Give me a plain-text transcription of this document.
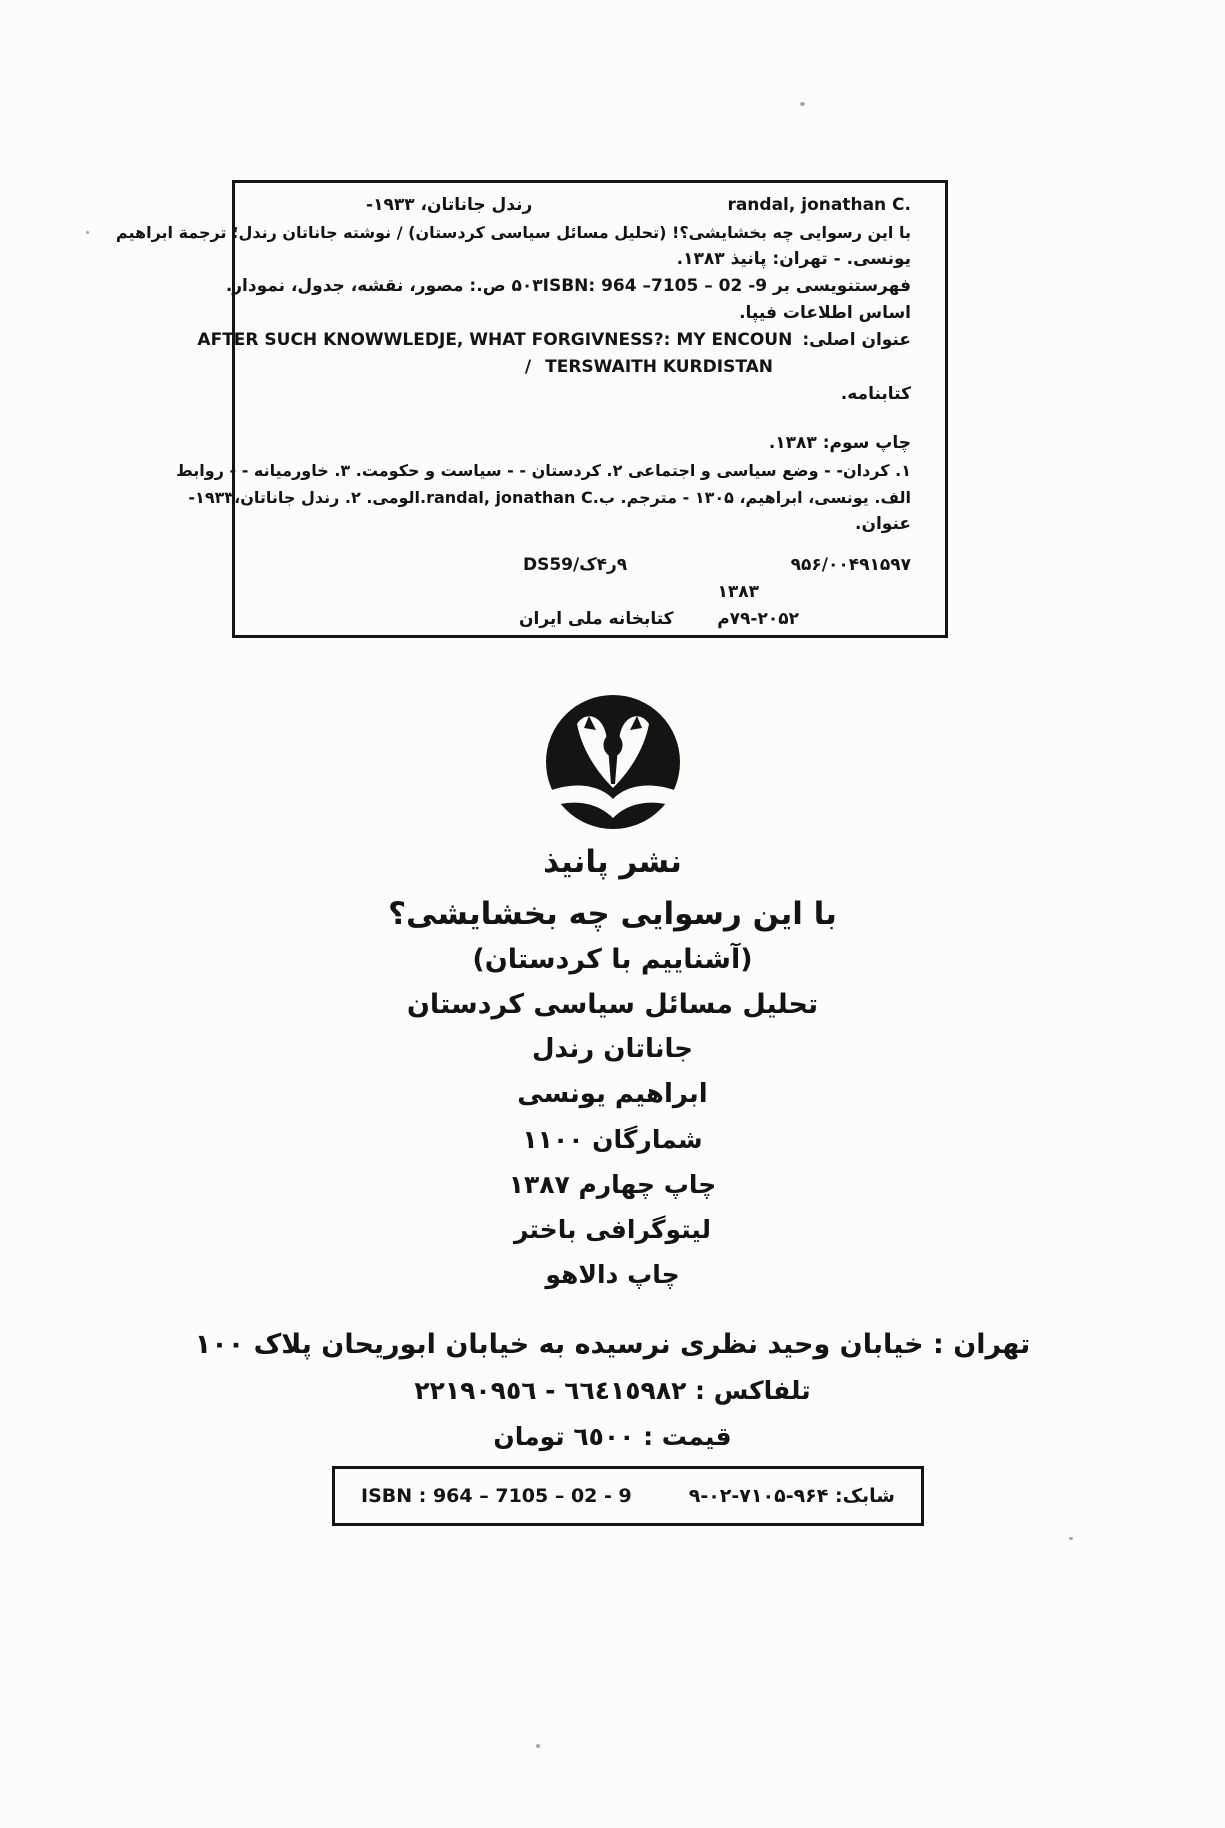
randal, jonathan C.
رندل جاناتان، ۱۹۳۳-
با این رسوایی چه بخشایشی؟! (تحلیل مسائل سیاسی کردستان) / نوشته جاناتان رندل؛ ترجمة ابراهیم
یونسی. - تهران: پانیذ ۱۳۸۳.
فهرستنویسی بر ISBN: 964 –7105 – 02 -9
۵۰۳ ص.: مصور، نقشه، جدول، نمودار.
اساس اطلاعات فیپا.
عنوان اصلی:
AFTER SUCH KNOWWLEDJE, WHAT FORGIVNESS?: MY ENCOUN
TERSWAITH KURDISTAN
∕
کتابنامه.
چاپ سوم: ۱۳۸۳.
۱. کردان- - وضع سیاسی و اجتماعی ۲. کردستان - - سیاست و حکومت. ۳. خاورمیانه - - روابط
الف. یونسی، ابراهیم، ۱۳۰۵ - مترجم. ب.randal, jonathan C.الومی. ۲. رندل جاناتان،۱۹۳۳-
عنوان.
۹۵۶/۰۰۴۹۱۵۹۷
DS59/ک۴ر۹
۱۳۸۳
م۷۹-۲۰۵۲
کتابخانه ملی ایران
نشر پانیذ
با این رسوایی چه بخشایشی؟
(آشناییم با کردستان)
تحلیل مسائل سیاسی کردستان
جاناتان رندل
ابراهیم یونسی
شمارگان ۱۱۰۰
چاپ چهارم ۱۳۸۷
لیتوگرافی باختر
چاپ دالاهو
تهران : خیابان وحید نظری نرسیده به خیابان ابوریحان پلاک ۱۰۰
تلفاکس : ٦٦٤١٥٩٨٢ - ٢٢١٩٠٩٥٦
قیمت : ٦٥٠٠ تومان
شابک: ۹۶۴-۷۱۰۵-۰۲-۹
ISBN : 964 – 7105 – 02 - 9
